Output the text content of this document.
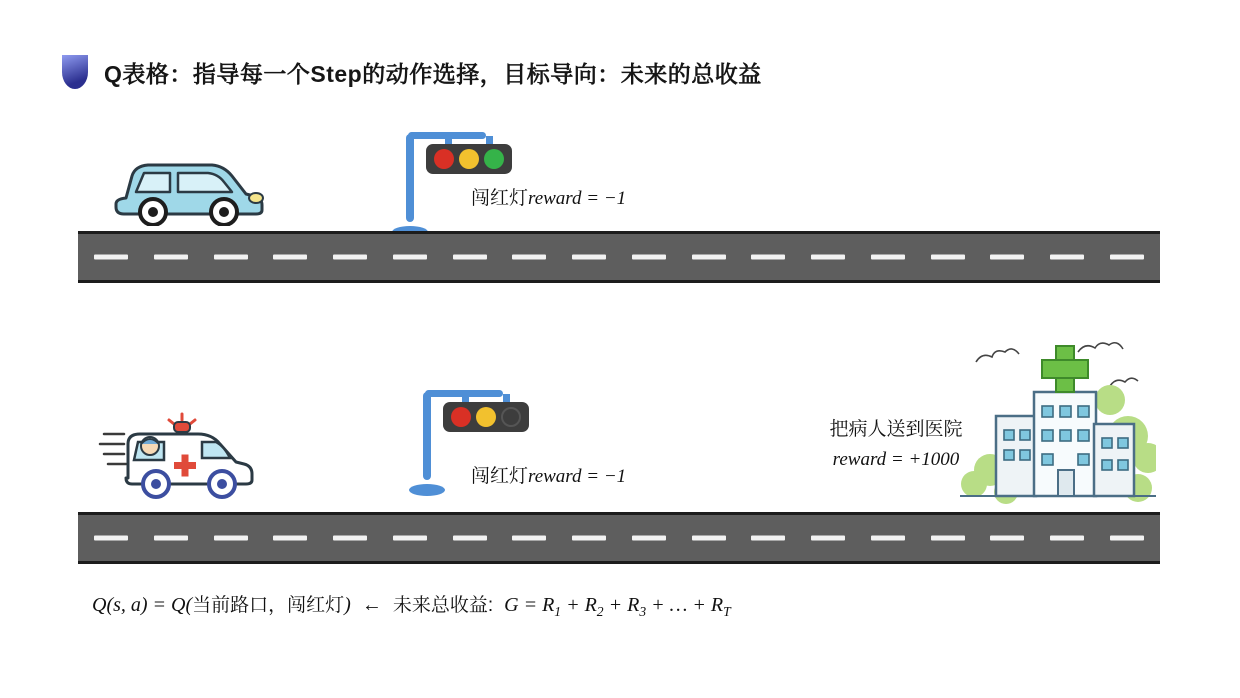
Q表格：指导每一个Step的动作选择，目标导向：未来的总收益
闯红灯reward = −1
闯红灯reward = −1
把病人送到医院
reward = +1000
Q(s, a) = Q(当前路口，闯红灯) ← 未来总收益: $G = R_1 + R_2 + R_3$ + … + $R_T$
